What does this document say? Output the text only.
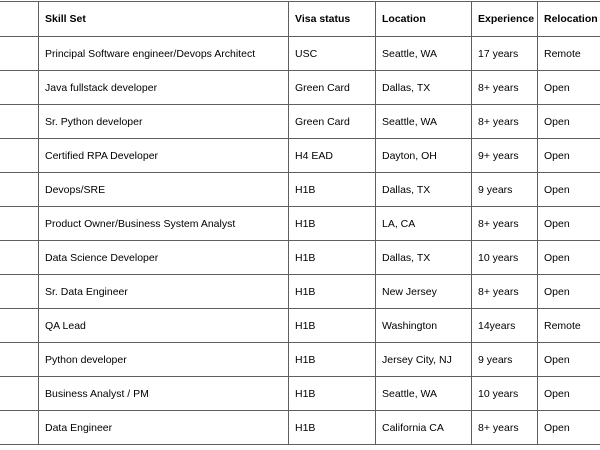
	Skill Set	Visa status	Location	Experience	Relocation
	Principal Software engineer/Devops Architect	USC	Seattle, WA	17 years	Remote
	Java fullstack developer	Green Card	Dallas, TX	8+ years	Open
	Sr. Python developer	Green Card	Seattle, WA	8+ years	Open
	Certified RPA Developer	H4 EAD	Dayton, OH	9+ years	Open
	Devops/SRE	H1B	Dallas, TX	9 years	Open
	Product Owner/Business System Analyst	H1B	LA, CA	8+ years	Open
	Data Science Developer	H1B	Dallas, TX	10 years	Open
	Sr. Data Engineer	H1B	New Jersey	8+ years	Open
	QA Lead	H1B	Washington	14years	Remote
	Python developer	H1B	Jersey City, NJ	9 years	Open
	Business Analyst / PM	H1B	Seattle, WA	10 years	Open
	Data Engineer	H1B	California CA	8+ years	Open
